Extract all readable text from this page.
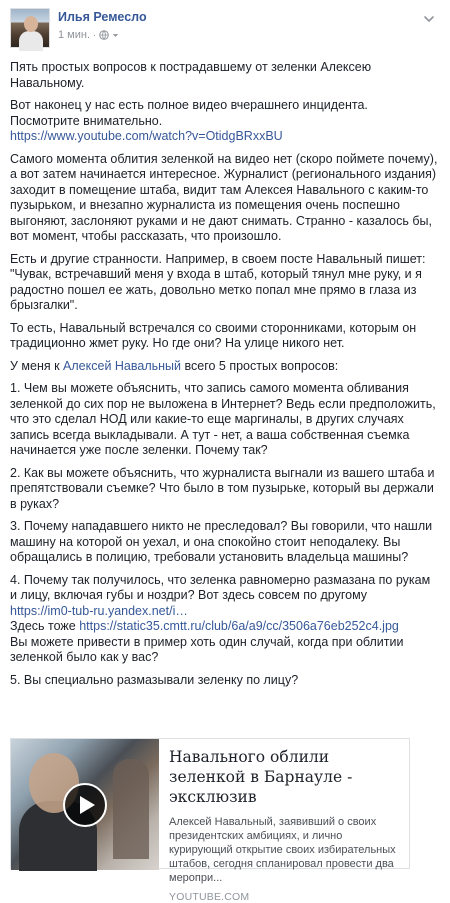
Илья Ремесло
1 мин. ·

Пять простых вопросов к пострадавшему от зеленки Алексею Навальному.

Вот наконец у нас есть полное видео вчерашнего инцидента. Посмотрите внимательно.
https://www.youtube.com/watch?v=OtidgBRxxBU

Самого момента облития зеленкой на видео нет (скоро поймете почему), а вот затем начинается интересное. Журналист (регионального издания) заходит в помещение штаба, видит там Алексея Навального с каким-то пузырьком, и внезапно журналиста из помещения очень поспешно выгоняют, заслоняют руками и не дают снимать. Странно - казалось бы, вот момент, чтобы рассказать, что произошло.

Есть и другие странности. Например, в своем посте Навальный пишет: "Чувак, встречавший меня у входа в штаб, который тянул мне руку, и я радостно пошел ее жать, довольно метко попал мне прямо в глаза из брызгалки".

То есть, Навальный встречался со своими сторонниками, которым он традиционно жмет руку. Но где они? На улице никого нет.

У меня к Алексей Навальный всего 5 простых вопросов:

1. Чем вы можете объяснить, что запись самого момента обливания зеленкой до сих пор не выложена в Интернет? Ведь если предположить, что это сделал НОД или какие-то еще маргиналы, в других случаях запись всегда выкладывали. А тут - нет, а ваша собственная съемка начинается уже после зеленки. Почему так?

2. Как вы можете объяснить, что журналиста выгнали из вашего штаба и препятствовали съемке? Что было в том пузырьке, который вы держали в руках?

3. Почему нападавшего никто не преследовал? Вы говорили, что нашли машину на которой он уехал, и она спокойно стоит неподалеку. Вы обращались в полицию, требовали установить владельца машины?

4. Почему так получилось, что зеленка равномерно размазана по рукам и лицу, включая губы и ноздри? Вот здесь совсем по другому
https://im0-tub-ru.yandex.net/i…
Здесь тоже https://static35.cmtt.ru/club/6a/a9/cc/3506a76eb252c4.jpg
Вы можете привести в пример хоть один случай, когда при облитии зеленкой было как у вас?

5. Вы специально размазывали зеленку по лицу?

Навального облили зеленкой в Барнауле - эксклюзив
Алексей Навальный, заявивший о своих президентских амбициях, и лично курирующий открытие своих избирательных штабов, сегодня спланировал провести два меропри...
YOUTUBE.COM
